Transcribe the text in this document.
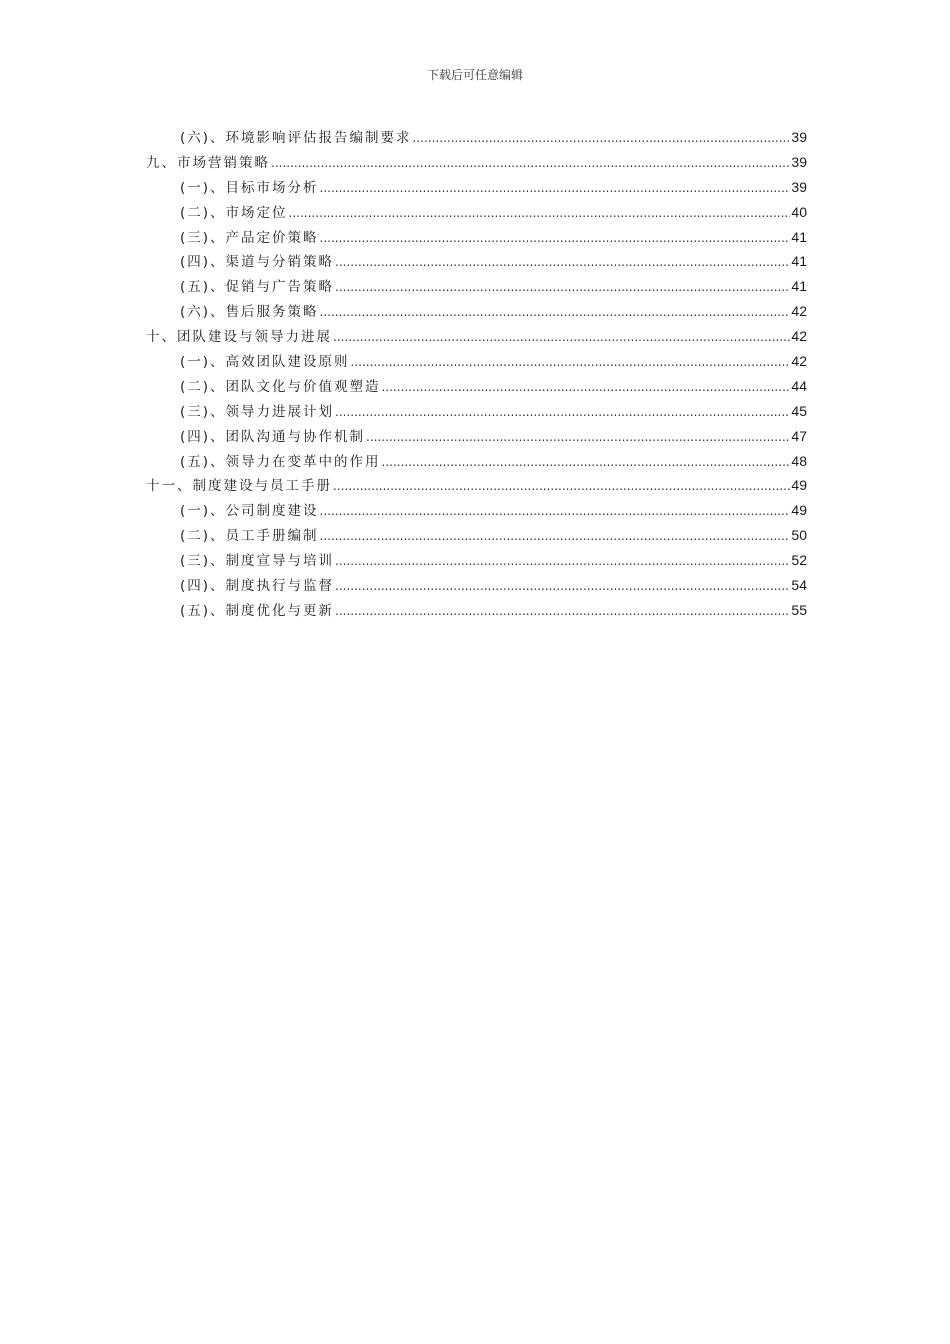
下载后可任意编辑
(六)、环境影响评估报告编制要求 .....	39
九、市场营销策略 .....	39
(一)、目标市场分析 .....	39
(二)、市场定位 .....	40
(三)、产品定价策略 .....	41
(四)、渠道与分销策略 .....	41
(五)、促销与广告策略 .....	41
(六)、售后服务策略 .....	42
十、团队建设与领导力进展 .....	42
(一)、高效团队建设原则 .....	42
(二)、团队文化与价值观塑造 .....	44
(三)、领导力进展计划 .....	45
(四)、团队沟通与协作机制 .....	47
(五)、领导力在变革中的作用 .....	48
十一、制度建设与员工手册 .....	49
(一)、公司制度建设 .....	49
(二)、员工手册编制 .....	50
(三)、制度宣导与培训 .....	52
(四)、制度执行与监督 .....	54
(五)、制度优化与更新 .....	55
